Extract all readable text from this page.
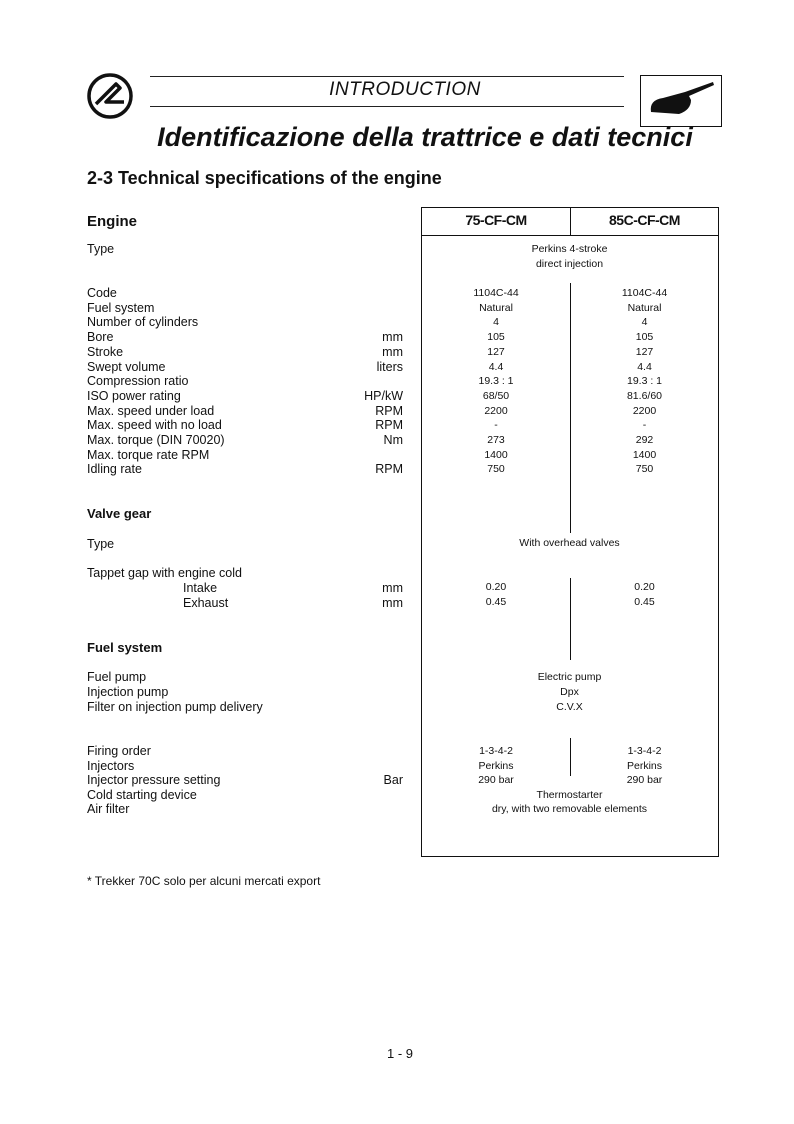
INTRODUCTION
Identificazione della trattrice e dati tecnici
2-3 Technical specifications of the engine
75-CF-CM	85C-CF-CM
Engine
Type	Perkins 4-stroke
direct injection
Code	1104C-44	1104C-44
Fuel system	Natural	Natural
Number of cylinders	4	4
Bore	mm	105	105
Stroke	mm	127	127
Swept volume	liters	4.4	4.4
Compression ratio	19.3 : 1	19.3 : 1
ISO power rating	HP/kW	68/50	81.6/60
Max. speed under load	RPM	2200	2200
Max. speed with no load	RPM	-	-
Max. torque (DIN 70020)	Nm	273	292
Max. torque rate RPM	1400	1400
Idling rate	RPM	750	750
Valve gear
Type	With overhead valves
Tappet gap with engine cold
Intake	mm	0.20	0.20
Exhaust	mm	0.45	0.45
Fuel system
Fuel pump	Electric pump
Injection pump	Dpx
Filter on injection pump delivery	C.V.X
Firing order	1-3-4-2	1-3-4-2
Injectors	Perkins	Perkins
Injector pressure setting	Bar	290 bar	290 bar
Cold starting device	Thermostarter
Air filter	dry, with two removable elements
* Trekker 70C solo per alcuni mercati export
1 - 9
